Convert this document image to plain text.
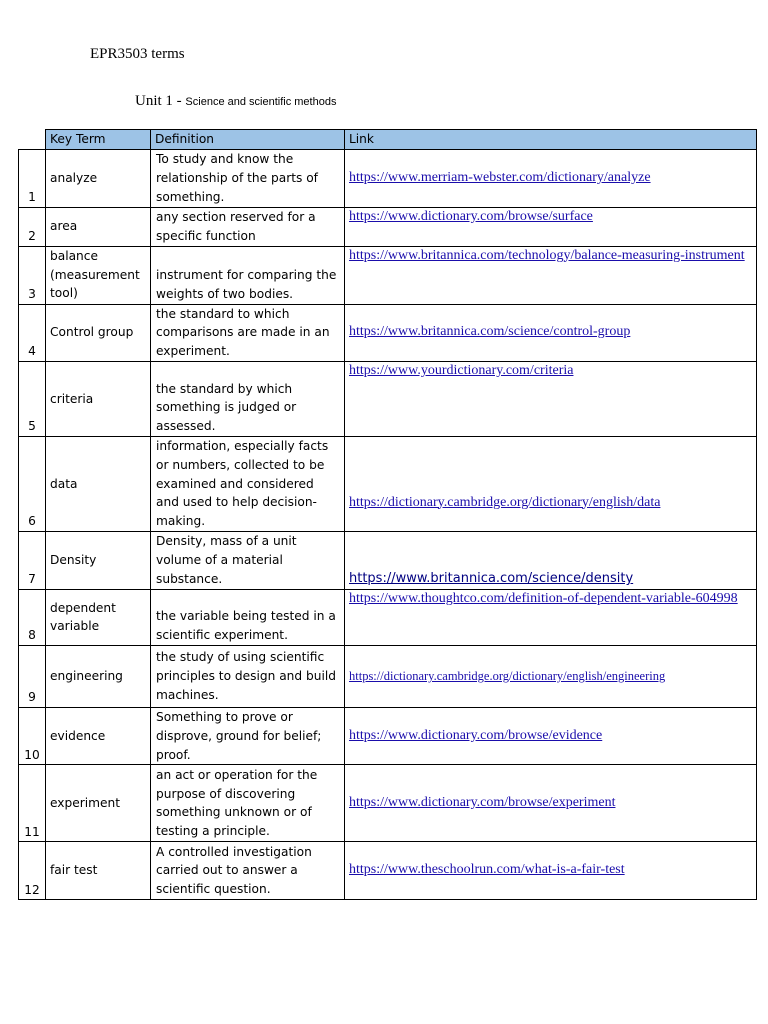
EPR3503 terms
Unit 1 - Science and scientific methods
	Key Term	Definition	Link
1	analyze	To study and know the relationship of the parts of something.	https://www.merriam-webster.com/dictionary/analyze
2	area	any section reserved for a specific function	https://www.dictionary.com/browse/surface
3	balance (measurement tool)	instrument for comparing the weights of two bodies.	https://www.britannica.com/technology/balance-measuring-instrument
4	Control group	the standard to which comparisons are made in an experiment.	https://www.britannica.com/science/control-group
5	criteria	the standard by which something is judged or assessed.	https://www.yourdictionary.com/criteria
6	data	information, especially facts or numbers, collected to be examined and considered and used to help decision-making.	https://dictionary.cambridge.org/dictionary/english/data
7	Density	Density, mass of a unit volume of a material substance.	https://www.britannica.com/science/density
8	dependent variable	the variable being tested in a scientific experiment.	https://www.thoughtco.com/definition-of-dependent-variable-604998
9	engineering	the study of using scientific principles to design and build machines.	https://dictionary.cambridge.org/dictionary/english/engineering
10	evidence	Something to prove or disprove, ground for belief; proof.	https://www.dictionary.com/browse/evidence
11	experiment	an act or operation for the purpose of discovering something unknown or of testing a principle.	https://www.dictionary.com/browse/experiment
12	fair test	A controlled investigation carried out to answer a scientific question.	https://www.theschoolrun.com/what-is-a-fair-test
